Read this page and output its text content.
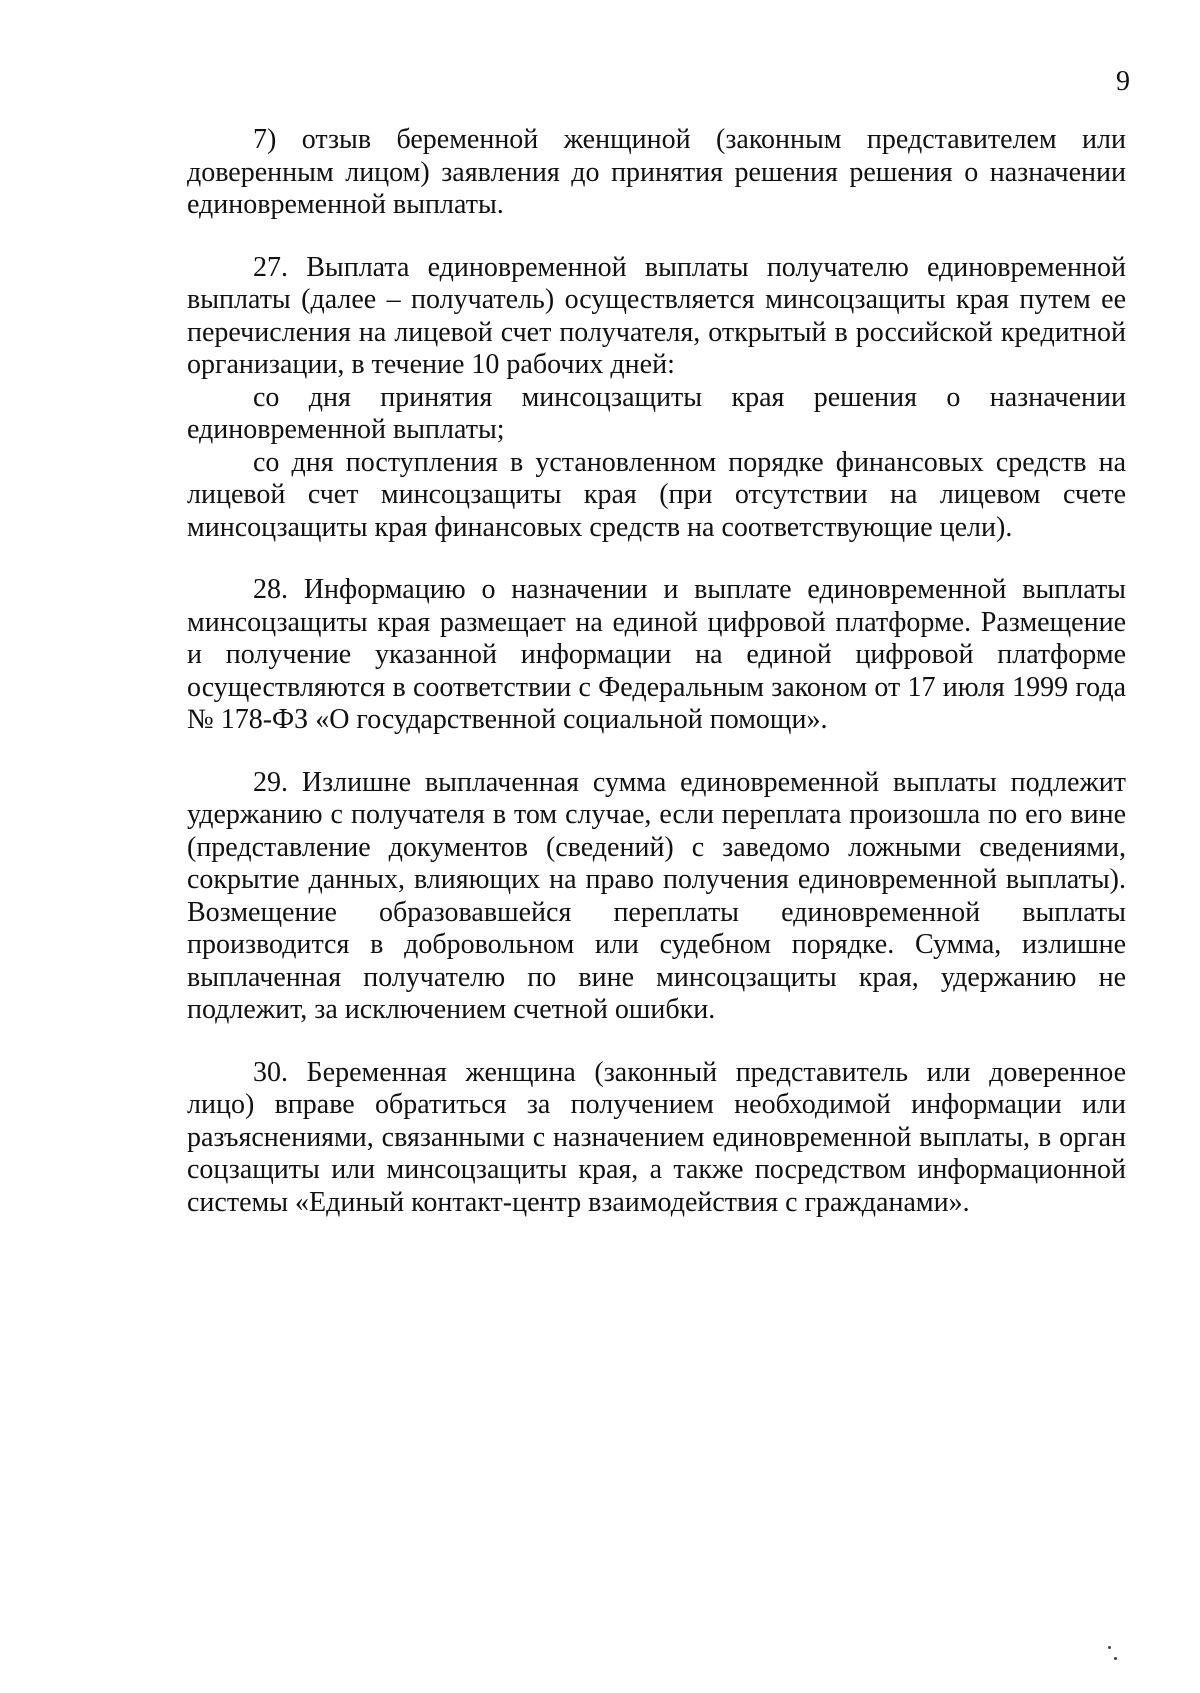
9

7) отзыв беременной женщиной (законным представителем или доверенным лицом) заявления до принятия решения решения о назначении единовременной выплаты.

27. Выплата единовременной выплаты получателю единовременной выплаты (далее – получатель) осуществляется минсоцзащиты края путем ее перечисления на лицевой счет получателя, открытый в российской кредитной организации, в течение 10 рабочих дней:

со дня принятия минсоцзащиты края решения о назначении единовременной выплаты;

со дня поступления в установленном порядке финансовых средств на лицевой счет минсоцзащиты края (при отсутствии на лицевом счете минсоцзащиты края финансовых средств на соответствующие цели).

28. Информацию о назначении и выплате единовременной выплаты минсоцзащиты края размещает на единой цифровой платформе. Размещение и получение указанной информации на единой цифровой платформе осуществляются в соответствии с Федеральным законом от 17 июля 1999 года № 178-ФЗ «О государственной социальной помощи».

29. Излишне выплаченная сумма единовременной выплаты подлежит удержанию с получателя в том случае, если переплата произошла по его вине (представление документов (сведений) с заведомо ложными сведениями, сокрытие данных, влияющих на право получения единовременной выплаты). Возмещение образовавшейся переплаты единовременной выплаты производится в добровольном или судебном порядке. Сумма, излишне выплаченная получателю по вине минсоцзащиты края, удержанию не подлежит, за исключением счетной ошибки.

30. Беременная женщина (законный представитель или доверенное лицо) вправе обратиться за получением необходимой информации или разъяснениями, связанными с назначением единовременной выплаты, в орган соцзащиты или минсоцзащиты края, а также посредством информационной системы «Единый контакт-центр взаимодействия с гражданами».
